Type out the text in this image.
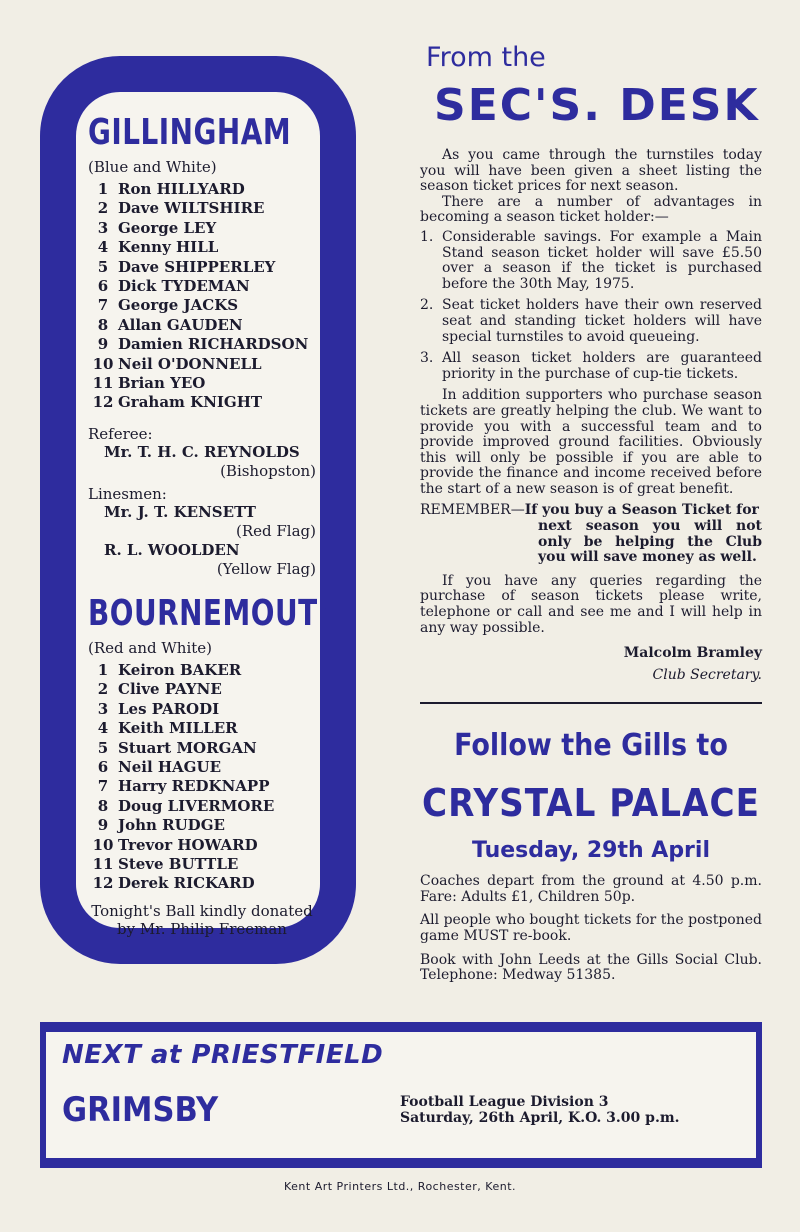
GILLINGHAM
(Blue and White)
1 Ron HILLYARD
2 Dave WILTSHIRE
3 George LEY
4 Kenny HILL
5 Dave SHIPPERLEY
6 Dick TYDEMAN
7 George JACKS
8 Allan GAUDEN
9 Damien RICHARDSON
10 Neil O'DONNELL
11 Brian YEO
12 Graham KNIGHT
Referee:
Mr. T. H. C. REYNOLDS
(Bishopston)
Linesmen:
Mr. J. T. KENSETT
(Red Flag)
R. L. WOOLDEN
(Yellow Flag)
BOURNEMOUTH
(Red and White)
1 Keiron BAKER
2 Clive PAYNE
3 Les PARODI
4 Keith MILLER
5 Stuart MORGAN
6 Neil HAGUE
7 Harry REDKNAPP
8 Doug LIVERMORE
9 John RUDGE
10 Trevor HOWARD
11 Steve BUTTLE
12 Derek RICKARD
Tonight's Ball kindly donated
by Mr. Philip Freeman
From the
SEC'S. DESK

As you came through the turnstiles today you will have been given a sheet listing the season ticket prices for next season.

There are a number of advantages in becoming a season ticket holder:—

1. Considerable savings. For example a Main Stand season ticket holder will save £5.50 over a season if the ticket is purchased before the 30th May, 1975.
2. Seat ticket holders have their own reserved seat and standing ticket holders will have special turnstiles to avoid queueing.
3. All season ticket holders are guaranteed priority in the purchase of cup-tie tickets.

In addition supporters who purchase season tickets are greatly helping the club. We want to provide you with a successful team and to provide improved ground facilities. Obviously this will only be possible if you are able to provide the finance and income received before the start of a new season is of great benefit.

REMEMBER— If you buy a Season Ticket for
next season you will not only be helping the Club you will save money as well.

If you have any queries regarding the purchase of season tickets please write, telephone or call and see me and I will help in any way possible.

Malcolm Bramley
Club Secretary.
Follow the Gills to
CRYSTAL PALACE
Tuesday, 29th April

Coaches depart from the ground at 4.50 p.m. Fare: Adults £1, Children 50p.

All people who bought tickets for the postponed game MUST re-book.

Book with John Leeds at the Gills Social Club. Telephone: Medway 51385.

NEXT at PRIESTFIELD
GRIMSBY	Football League Division 3
Saturday, 26th April, K.O. 3.00 p.m.
Kent Art Printers Ltd., Rochester, Kent.
